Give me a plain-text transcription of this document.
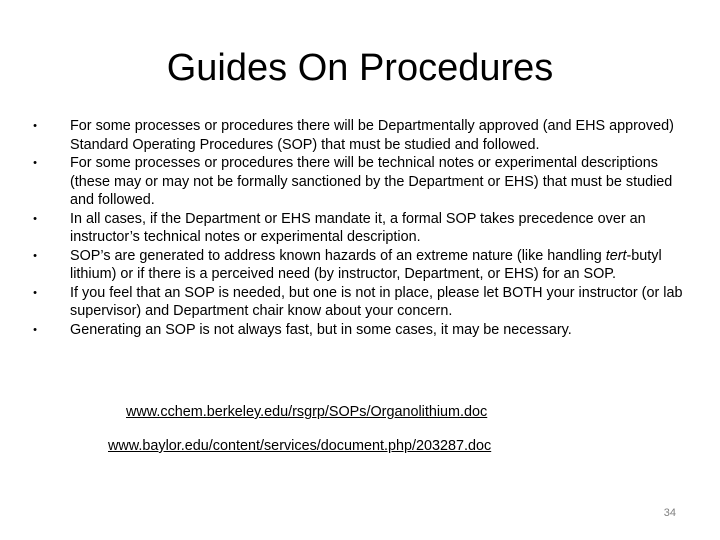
Guides On Procedures
• For some processes or procedures there will be Departmentally approved (and EHS approved) Standard Operating Procedures (SOP) that must be studied and followed.
• For some processes or procedures there will be technical notes or experimental descriptions (these may or may not be formally sanctioned by the Department or EHS) that must be studied and followed.
• In all cases, if the Department or EHS mandate it, a formal SOP takes precedence over an instructor’s technical notes or experimental description.
• SOP’s are generated to address known hazards of an extreme nature (like handling tert-butyl lithium) or if there is a perceived need (by instructor, Department, or EHS) for an SOP.
• If you feel that an SOP is needed, but one is not in place, please let BOTH your instructor (or lab supervisor) and Department chair know about your concern.
• Generating an SOP is not always fast, but in some cases, it may be necessary.
www.cchem.berkeley.edu/rsgrp/SOPs/Organolithium.doc
www.baylor.edu/content/services/document.php/203287.doc
34
